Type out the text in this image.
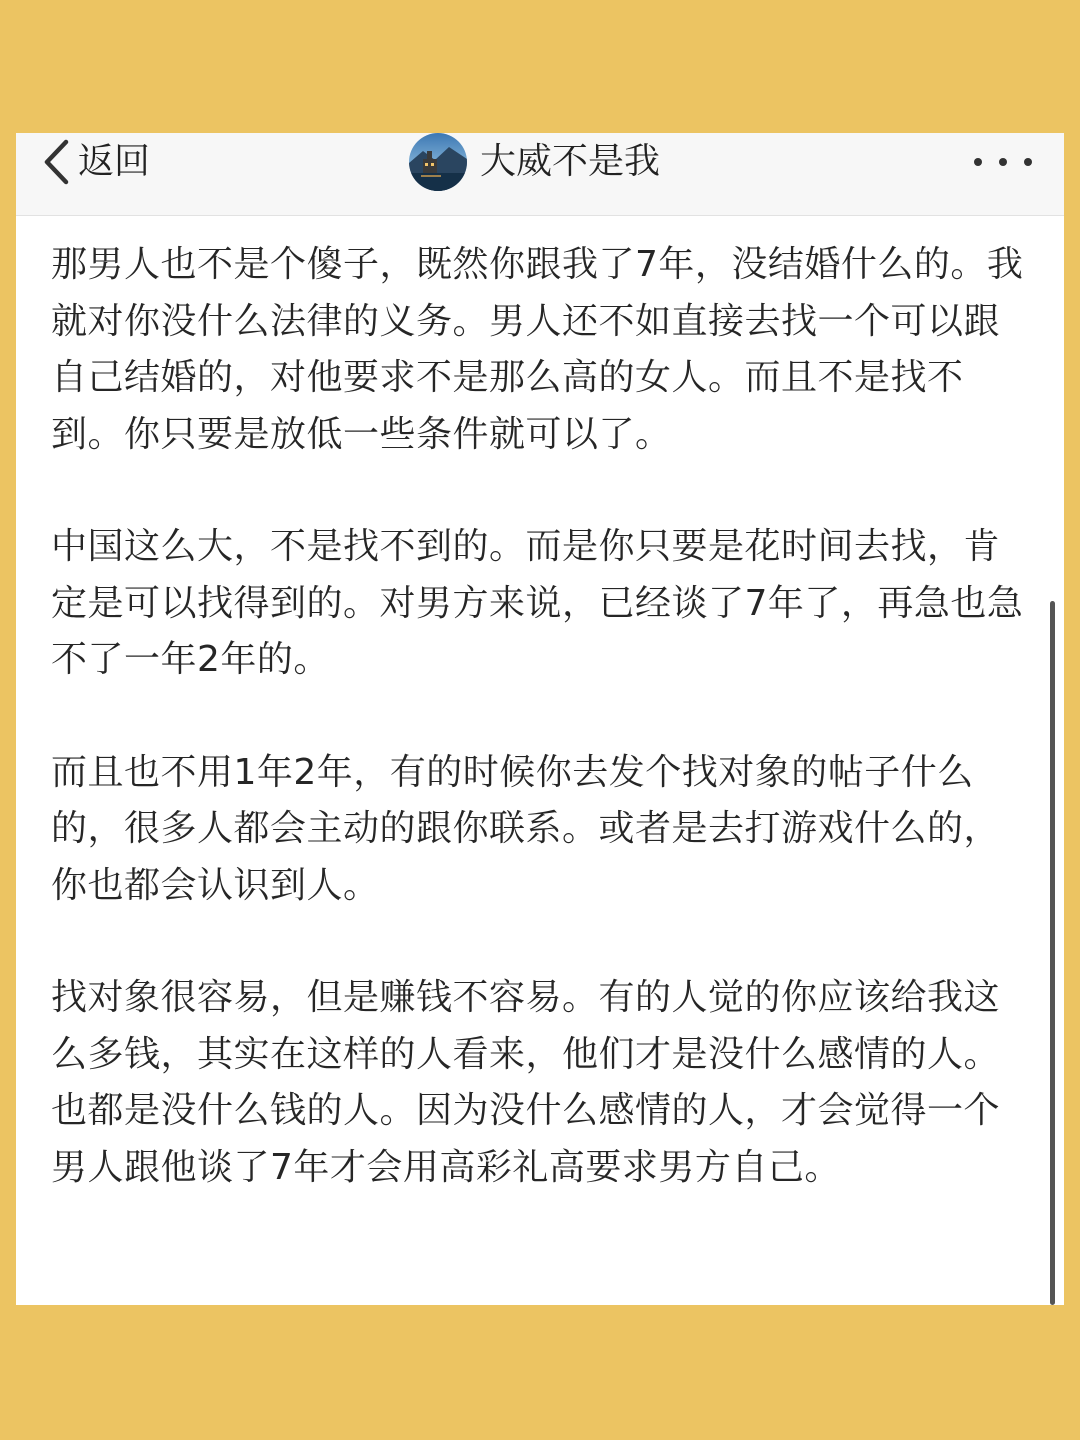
返回	大威不是我

那男人也不是个傻子，既然你跟我了7年，没结婚什么的。我就对你没什么法律的义务。男人还不如直接去找一个可以跟自己结婚的，对他要求不是那么高的女人。而且不是找不到。你只要是放低一些条件就可以了。

中国这么大，不是找不到的。而是你只要是花时间去找，肯定是可以找得到的。对男方来说，已经谈了7年了，再急也急不了一年2年的。

而且也不用1年2年，有的时候你去发个找对象的帖子什么的，很多人都会主动的跟你联系。或者是去打游戏什么的， 你也都会认识到人。

找对象很容易，但是赚钱不容易。有的人觉的你应该给我这么多钱，其实在这样的人看来，他们才是没什么感情的人。也都是没什么钱的人。因为没什么感情的人，才会觉得一个男人跟他谈了7年才会用高彩礼高要求男方自己。
